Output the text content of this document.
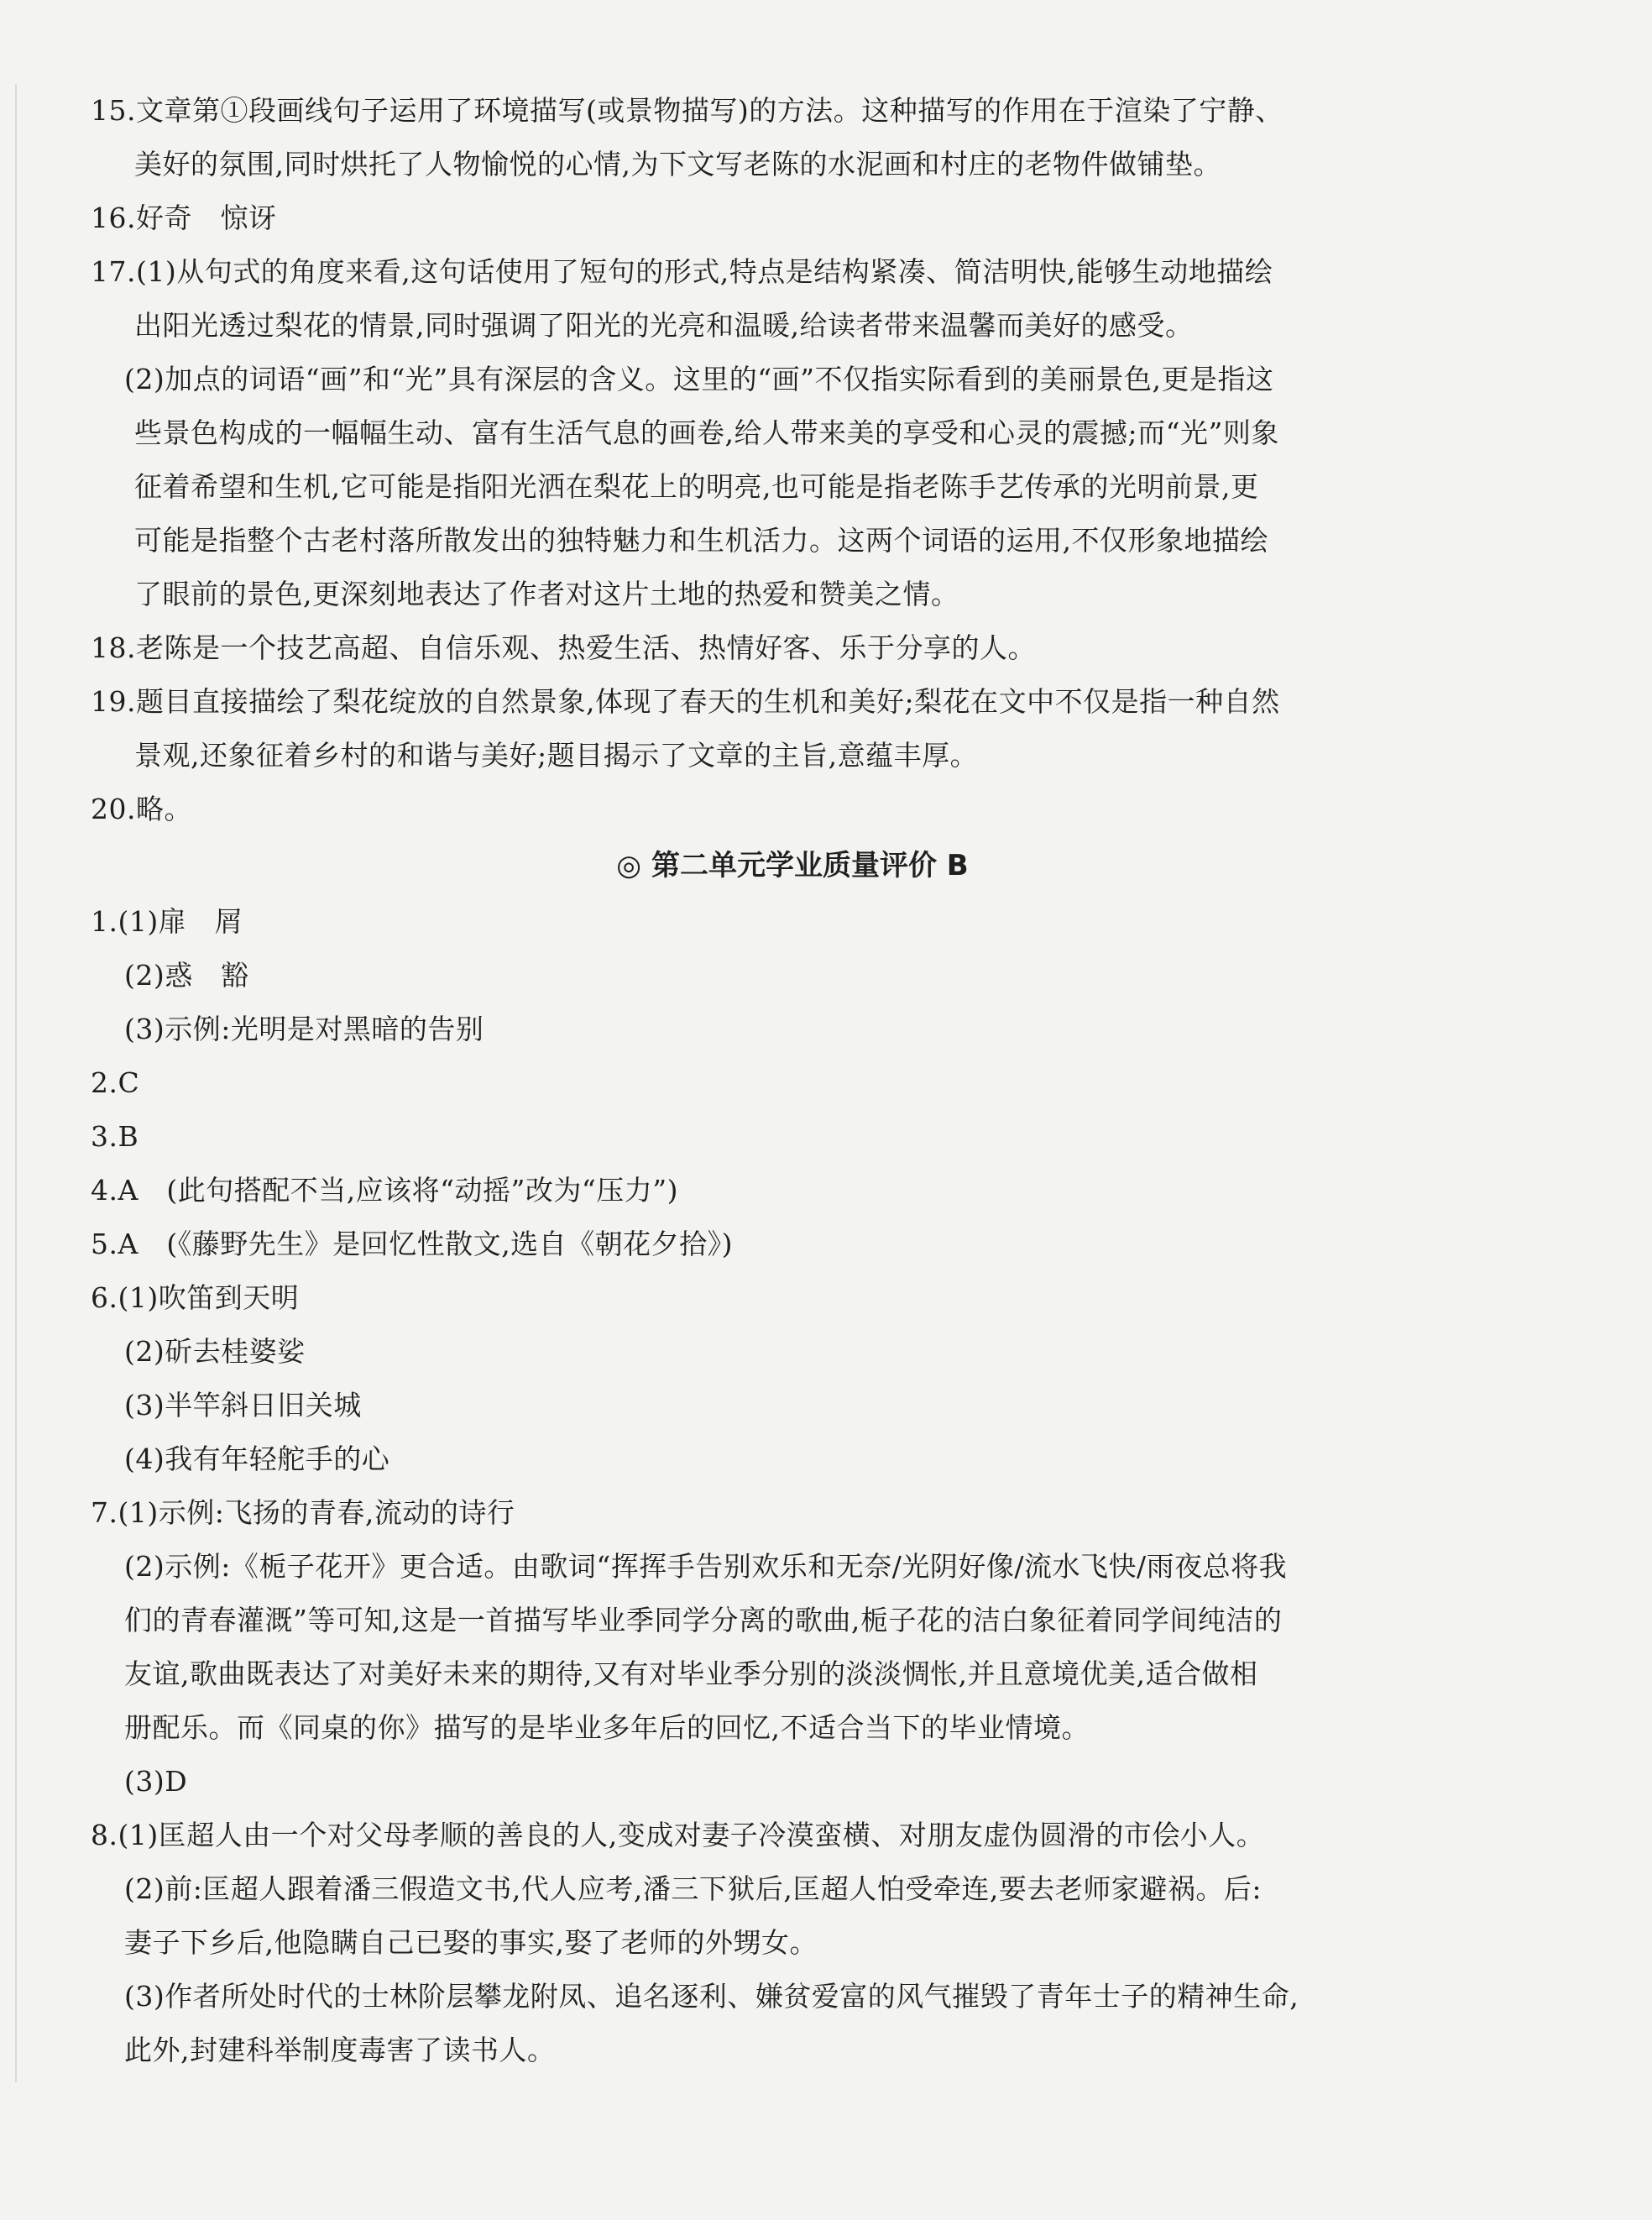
15.文章第①段画线句子运用了环境描写(或景物描写)的方法。这种描写的作用在于渲染了宁静、
美好的氛围,同时烘托了人物愉悦的心情,为下文写老陈的水泥画和村庄的老物件做铺垫。
16.好奇　惊讶
17.(1)从句式的角度来看,这句话使用了短句的形式,特点是结构紧凑、简洁明快,能够生动地描绘
出阳光透过梨花的情景,同时强调了阳光的光亮和温暖,给读者带来温馨而美好的感受。
(2)加点的词语“画”和“光”具有深层的含义。这里的“画”不仅指实际看到的美丽景色,更是指这
些景色构成的一幅幅生动、富有生活气息的画卷,给人带来美的享受和心灵的震撼;而“光”则象
征着希望和生机,它可能是指阳光洒在梨花上的明亮,也可能是指老陈手艺传承的光明前景,更
可能是指整个古老村落所散发出的独特魅力和生机活力。这两个词语的运用,不仅形象地描绘
了眼前的景色,更深刻地表达了作者对这片土地的热爱和赞美之情。
18.老陈是一个技艺高超、自信乐观、热爱生活、热情好客、乐于分享的人。
19.题目直接描绘了梨花绽放的自然景象,体现了春天的生机和美好;梨花在文中不仅是指一种自然
景观,还象征着乡村的和谐与美好;题目揭示了文章的主旨,意蕴丰厚。
20.略。
◎ 第二单元学业质量评价 B
1.(1)扉　屑
(2)惑　豁
(3)示例:光明是对黑暗的告别
2.C
3.B
4.A　(此句搭配不当,应该将“动摇”改为“压力”)
5.A　(《藤野先生》是回忆性散文,选自《朝花夕拾》)
6.(1)吹笛到天明
(2)斫去桂婆娑
(3)半竿斜日旧关城
(4)我有年轻舵手的心
7.(1)示例:飞扬的青春,流动的诗行
(2)示例:《栀子花开》更合适。由歌词“挥挥手告别欢乐和无奈/光阴好像/流水飞快/雨夜总将我
们的青春灌溉”等可知,这是一首描写毕业季同学分离的歌曲,栀子花的洁白象征着同学间纯洁的
友谊,歌曲既表达了对美好未来的期待,又有对毕业季分别的淡淡惆怅,并且意境优美,适合做相
册配乐。而《同桌的你》描写的是毕业多年后的回忆,不适合当下的毕业情境。
(3)D
8.(1)匡超人由一个对父母孝顺的善良的人,变成对妻子冷漠蛮横、对朋友虚伪圆滑的市侩小人。
(2)前:匡超人跟着潘三假造文书,代人应考,潘三下狱后,匡超人怕受牵连,要去老师家避祸。后:
妻子下乡后,他隐瞒自己已娶的事实,娶了老师的外甥女。
(3)作者所处时代的士林阶层攀龙附凤、追名逐利、嫌贫爱富的风气摧毁了青年士子的精神生命,
此外,封建科举制度毒害了读书人。
